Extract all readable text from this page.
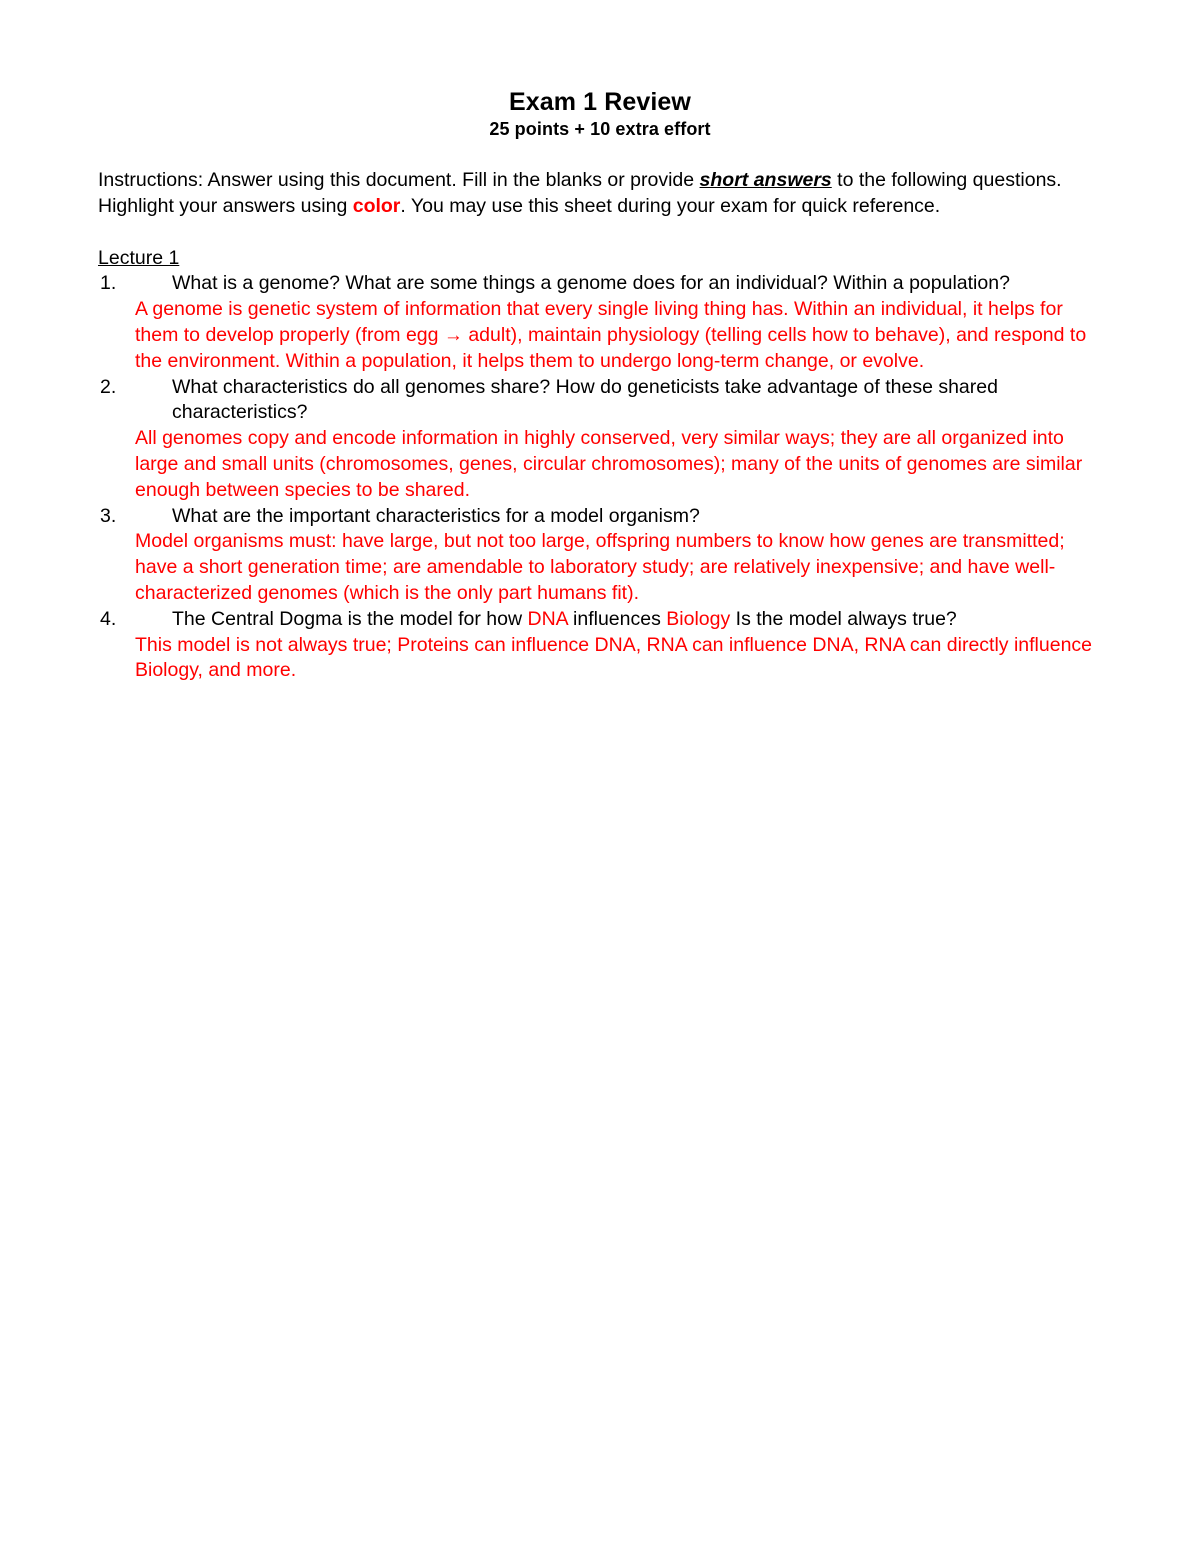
Exam 1 Review
25 points + 10 extra effort

Instructions: Answer using this document. Fill in the blanks or provide short answers to the following questions. Highlight your answers using color. You may use this sheet during your exam for quick reference.

Lecture 1
1.	What is a genome? What are some things a genome does for an individual? Within a population?
A genome is genetic system of information that every single living thing has. Within an individual, it helps for them to develop properly (from egg → adult), maintain physiology (telling cells how to behave), and respond to the environment. Within a population, it helps them to undergo long-term change, or evolve.
2.	What characteristics do all genomes share? How do geneticists take advantage of these shared characteristics?
All genomes copy and encode information in highly conserved, very similar ways; they are all organized into large and small units (chromosomes, genes, circular chromosomes); many of the units of genomes are similar enough between species to be shared.
3.	What are the important characteristics for a model organism?
Model organisms must: have large, but not too large, offspring numbers to know how genes are transmitted; have a short generation time; are amendable to laboratory study; are relatively inexpensive; and have well-characterized genomes (which is the only part humans fit).
4.	The Central Dogma is the model for how DNA influences Biology Is the model always true?
This model is not always true; Proteins can influence DNA, RNA can influence DNA, RNA can directly influence Biology, and more.
